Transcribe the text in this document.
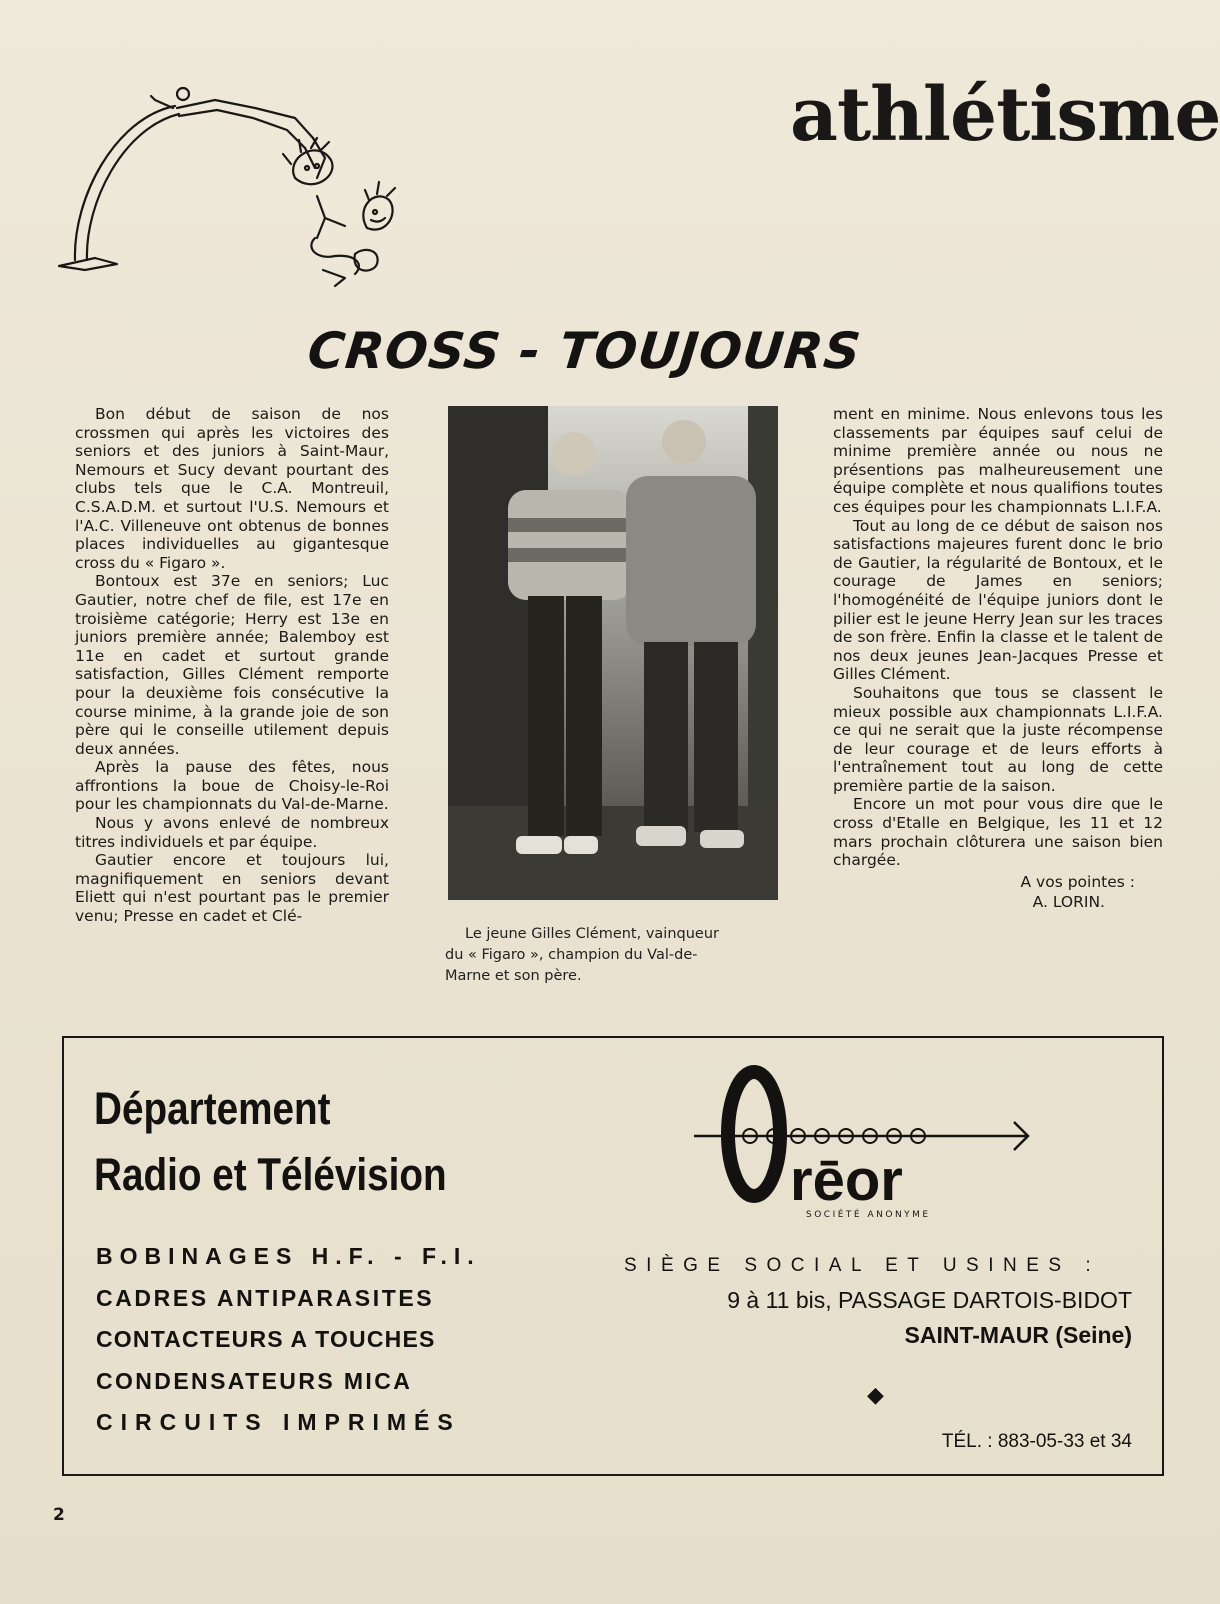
athlétisme
CROSS - TOUJOURS

Bon début de saison de nos crossmen qui après les victoires des seniors et des juniors à Saint-Maur, Nemours et Sucy devant pourtant des clubs tels que le C.A. Montreuil, C.S.A.D.M. et surtout l'U.S. Nemours et l'A.C. Villeneuve ont obtenus de bonnes places individuelles au gigantesque cross du « Figaro ».

Bontoux est 37e en seniors; Luc Gautier, notre chef de file, est 17e en troisième catégorie; Herry est 13e en juniors première année; Balemboy est 11e en cadet et surtout grande satisfaction, Gilles Clément remporte pour la deuxième fois consécutive la course minime, à la grande joie de son père qui le conseille utilement depuis deux années.

Après la pause des fêtes, nous affrontions la boue de Choisy-le-Roi pour les championnats du Val-de-Marne.

Nous y avons enlevé de nombreux titres individuels et par équipe.

Gautier encore et toujours lui, magnifiquement en seniors devant Eliett qui n'est pourtant pas le premier venu; Presse en cadet et Clé-

Le jeune Gilles Clément, vainqueur
du « Figaro », champion du Val-de-
Marne et son père.

ment en minime. Nous enlevons tous les classements par équipes sauf celui de minime première année ou nous ne présentions pas malheureusement une équipe complète et nous qualifions toutes ces équipes pour les championnats L.I.F.A.

Tout au long de ce début de saison nos satisfactions majeures furent donc le brio de Gautier, la régularité de Bontoux, et le courage de James en seniors; l'homogénéité de l'équipe juniors dont le pilier est le jeune Herry Jean sur les traces de son frère. Enfin la classe et le talent de nos deux jeunes Jean-Jacques Presse et Gilles Clément.

Souhaitons que tous se classent le mieux possible aux championnats L.I.F.A. ce qui ne serait que la juste récompense de leur courage et de leurs efforts à l'entraînement tout au long de cette première partie de la saison.

Encore un mot pour vous dire que le cross d'Etalle en Belgique, les 11 et 12 mars prochain clôturera une saison bien chargée.

A vos pointes :
A. LORIN.
Département
Radio et Télévision
BOBINAGES H.F. - F.I.
CADRES ANTIPARASITES
CONTACTEURS A TOUCHES
CONDENSATEURS MICA
CIRCUITS IMPRIMÉS
rēor
SOCIÉTÉ ANONYME
SIÈGE SOCIAL ET USINES :
9 à 11 bis, PASSAGE DARTOIS-BIDOT
SAINT-MAUR (Seine)
◆
TÉL. : 883-05-33 et 34
2
